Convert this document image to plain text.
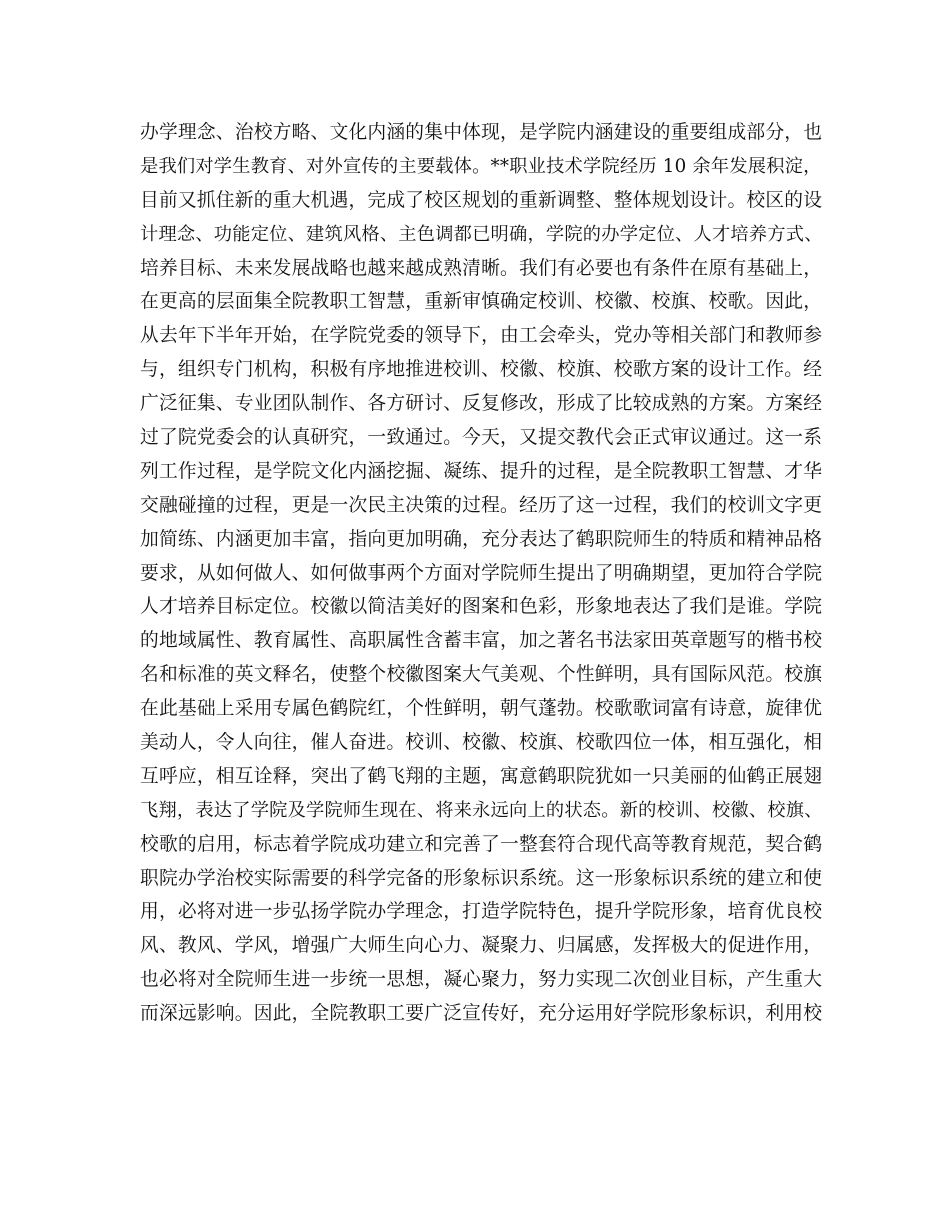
办学理念、治校方略、文化内涵的集中体现，是学院内涵建设的重要组成部分，也
是我们对学生教育、对外宣传的主要载体。**职业技术学院经历 10 余年发展积淀，
目前又抓住新的重大机遇，完成了校区规划的重新调整、整体规划设计。校区的设
计理念、功能定位、建筑风格、主色调都已明确，学院的办学定位、人才培养方式、
培养目标、未来发展战略也越来越成熟清晰。我们有必要也有条件在原有基础上，
在更高的层面集全院教职工智慧，重新审慎确定校训、校徽、校旗、校歌。因此，
从去年下半年开始，在学院党委的领导下，由工会牵头，党办等相关部门和教师参
与，组织专门机构，积极有序地推进校训、校徽、校旗、校歌方案的设计工作。经
广泛征集、专业团队制作、各方研讨、反复修改，形成了比较成熟的方案。方案经
过了院党委会的认真研究，一致通过。今天，又提交教代会正式审议通过。这一系
列工作过程，是学院文化内涵挖掘、凝练、提升的过程，是全院教职工智慧、才华
交融碰撞的过程，更是一次民主决策的过程。经历了这一过程，我们的校训文字更
加简练、内涵更加丰富，指向更加明确，充分表达了鹤职院师生的特质和精神品格
要求，从如何做人、如何做事两个方面对学院师生提出了明确期望，更加符合学院
人才培养目标定位。校徽以简洁美好的图案和色彩，形象地表达了我们是谁。学院
的地域属性、教育属性、高职属性含蓄丰富，加之著名书法家田英章题写的楷书校
名和标准的英文释名，使整个校徽图案大气美观、个性鲜明，具有国际风范。校旗
在此基础上采用专属色鹤院红，个性鲜明，朝气蓬勃。校歌歌词富有诗意，旋律优
美动人，令人向往，催人奋进。校训、校徽、校旗、校歌四位一体，相互强化，相
互呼应，相互诠释，突出了鹤飞翔的主题，寓意鹤职院犹如一只美丽的仙鹤正展翅
飞翔，表达了学院及学院师生现在、将来永远向上的状态。新的校训、校徽、校旗、
校歌的启用，标志着学院成功建立和完善了一整套符合现代高等教育规范，契合鹤
职院办学治校实际需要的科学完备的形象标识系统。这一形象标识系统的建立和使
用，必将对进一步弘扬学院办学理念，打造学院特色，提升学院形象，培育优良校
风、教风、学风，增强广大师生向心力、凝聚力、归属感，发挥极大的促进作用，
也必将对全院师生进一步统一思想，凝心聚力，努力实现二次创业目标，产生重大
而深远影响。因此，全院教职工要广泛宣传好，充分运用好学院形象标识，利用校
